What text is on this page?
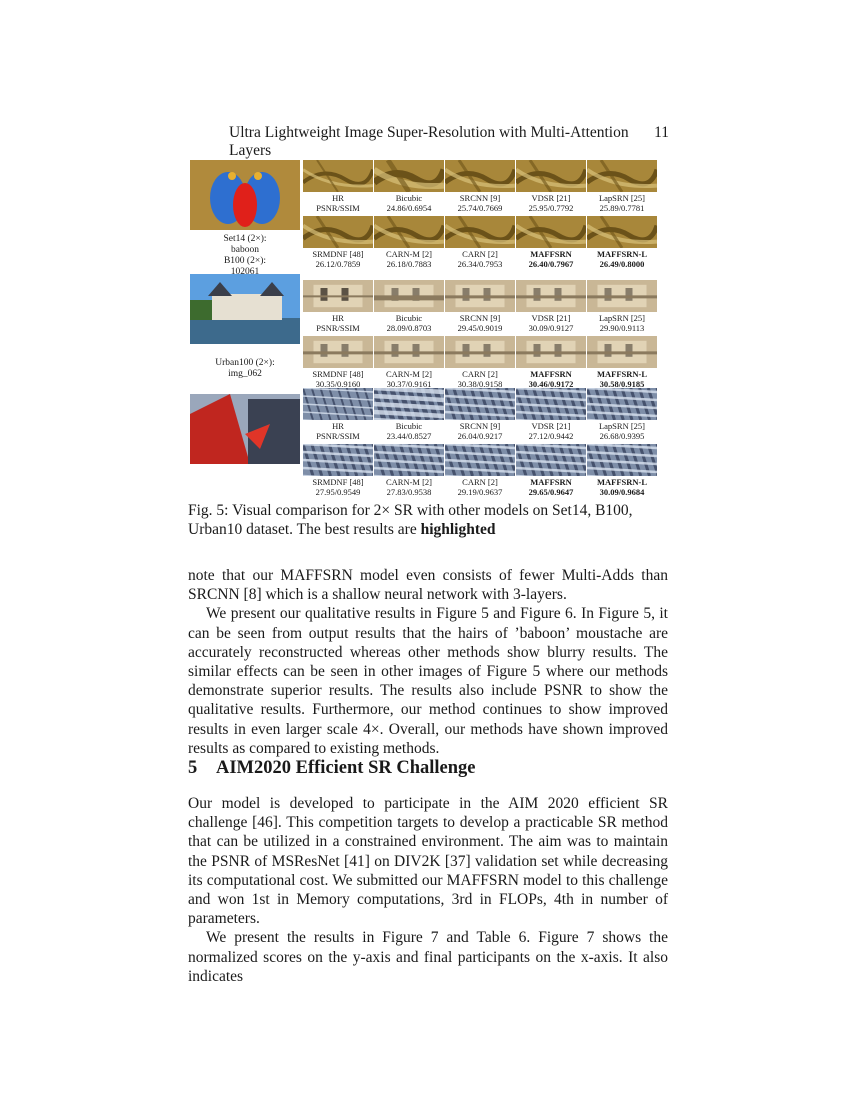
Ultra Lightweight Image Super-Resolution with Multi-Attention Layers
11
Set14 (2×):
baboon
HR
PSNR/SSIM
Bicubic
24.86/0.6954
SRCNN [9]
25.74/0.7669
VDSR [21]
25.95/0.7792
LapSRN [25]
25.89/0.7781
SRMDNF [48]
26.12/0.7859
CARN-M [2]
26.18/0.7883
CARN [2]
26.34/0.7953
MAFFSRN
26.40/0.7967
MAFFSRN-L
26.49/0.8000
B100 (2×):
102061
HR
PSNR/SSIM
Bicubic
28.09/0.8703
SRCNN [9]
29.45/0.9019
VDSR [21]
30.09/0.9127
LapSRN [25]
29.90/0.9113
SRMDNF [48]
30.35/0.9160
CARN-M [2]
30.37/0.9161
CARN [2]
30.38/0.9158
MAFFSRN
30.46/0.9172
MAFFSRN-L
30.58/0.9185
Urban100 (2×):
img_062
HR
PSNR/SSIM
Bicubic
23.44/0.8527
SRCNN [9]
26.04/0.9217
VDSR [21]
27.12/0.9442
LapSRN [25]
26.68/0.9395
SRMDNF [48]
27.95/0.9549
CARN-M [2]
27.83/0.9538
CARN [2]
29.19/0.9637
MAFFSRN
29.65/0.9647
MAFFSRN-L
30.09/0.9684
Fig. 5: Visual comparison for 2× SR with other models on Set14, B100, Urban10 dataset. The best results are highlighted
note that our MAFFSRN model even consists of fewer Multi-Adds than SRCNN [8] which is a shallow neural network with 3-layers.
We present our qualitative results in Figure 5 and Figure 6. In Figure 5, it can be seen from output results that the hairs of ’baboon’ moustache are accurately reconstructed whereas other methods show blurry results. The similar effects can be seen in other images of Figure 5 where our methods demonstrate superior results. The results also include PSNR to show the qualitative results. Furthermore, our method continues to show improved results in even larger scale 4×. Overall, our methods have shown improved results as compared to existing methods.
5 AIM2020 Efficient SR Challenge
Our model is developed to participate in the AIM 2020 efficient SR challenge [46]. This competition targets to develop a practicable SR method that can be utilized in a constrained environment. The aim was to maintain the PSNR of MSResNet [41] on DIV2K [37] validation set while decreasing its computational cost. We submitted our MAFFSRN model to this challenge and won 1st in Memory computations, 3rd in FLOPs, 4th in number of parameters.
We present the results in Figure 7 and Table 6. Figure 7 shows the normalized scores on the y-axis and final participants on the x-axis. It also indicates
